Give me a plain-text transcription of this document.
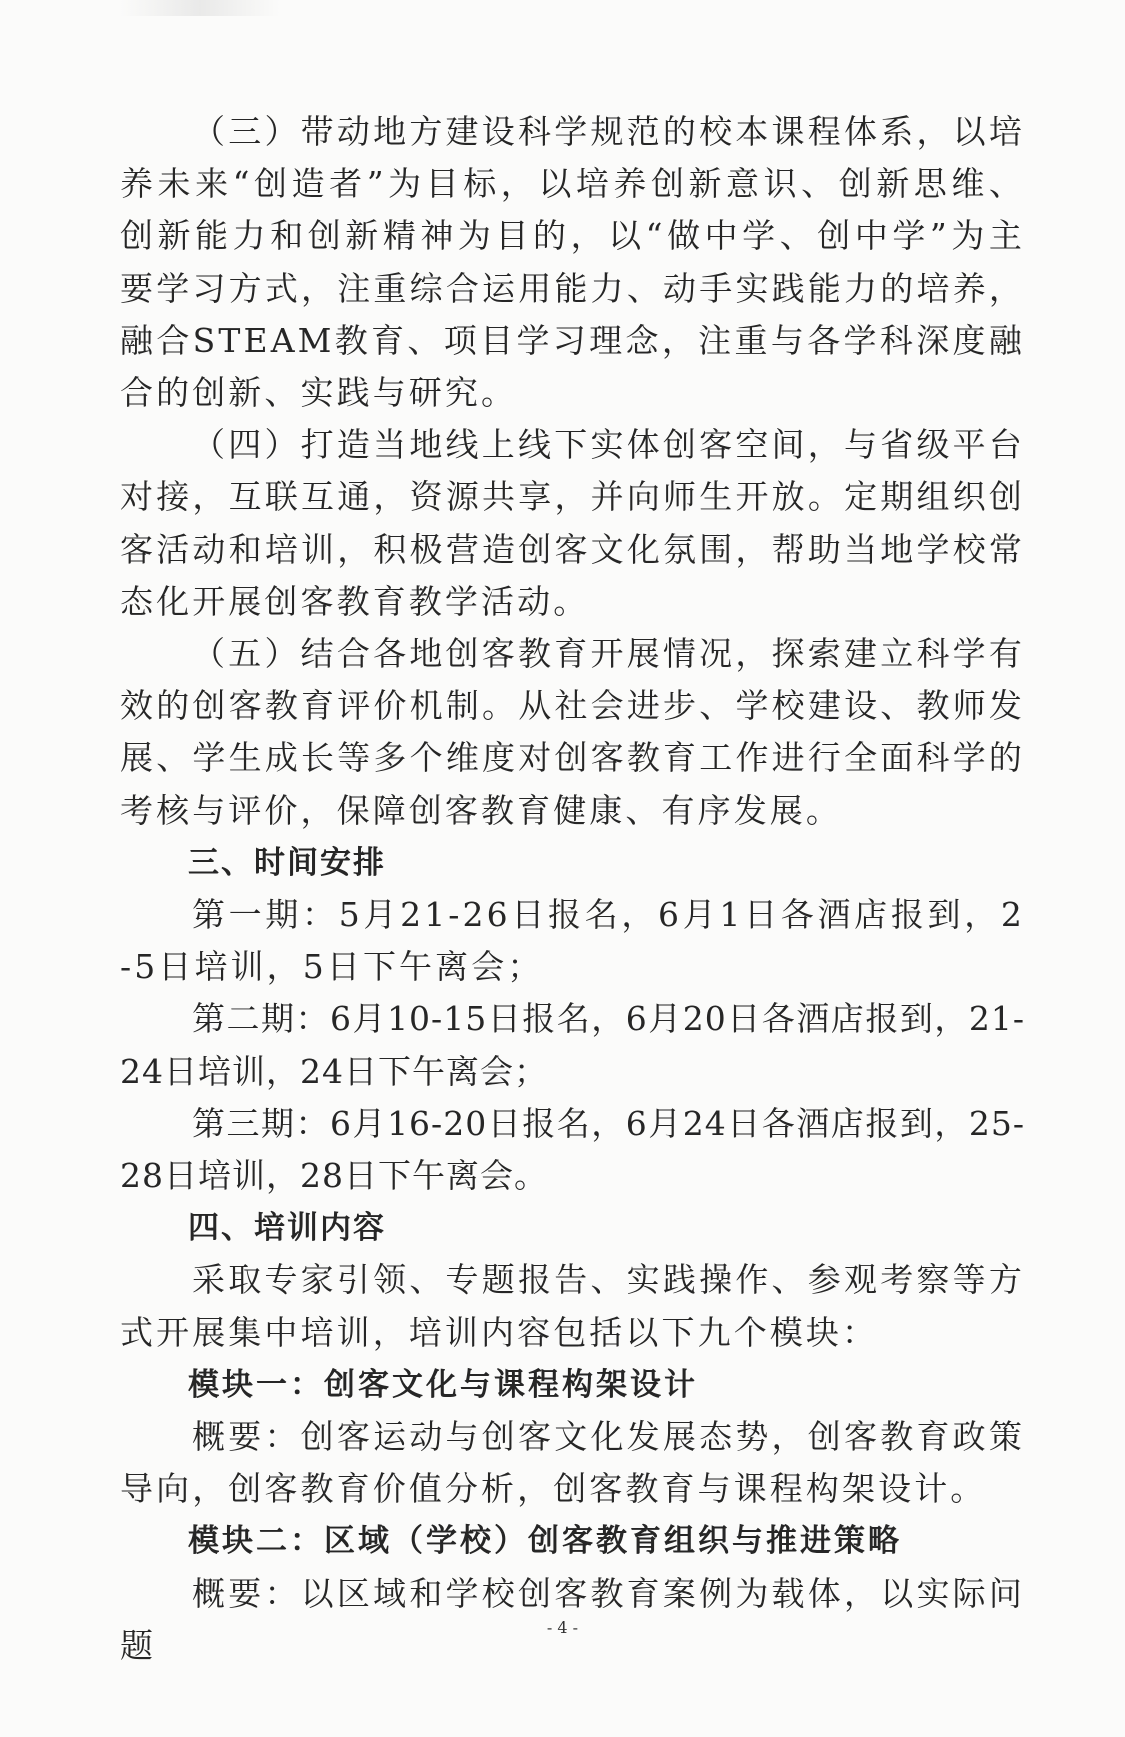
（三）带动地方建设科学规范的校本课程体系，以培养未来“创造者”为目标，以培养创新意识、创新思维、创新能力和创新精神为目的，以“做中学、创中学”为主要学习方式，注重综合运用能力、动手实践能力的培养，融合STEAM教育、项目学习理念，注重与各学科深度融合的创新、实践与研究。

（四）打造当地线上线下实体创客空间，与省级平台对接，互联互通，资源共享，并向师生开放。定期组织创客活动和培训，积极营造创客文化氛围，帮助当地学校常态化开展创客教育教学活动。

（五）结合各地创客教育开展情况，探索建立科学有效的创客教育评价机制。从社会进步、学校建设、教师发展、学生成长等多个维度对创客教育工作进行全面科学的考核与评价，保障创客教育健康、有序发展。

三、时间安排

第一期：5月21-26日报名，6月1日各酒店报到，2-5日培训，5日下午离会；

第二期：6月10-15日报名，6月20日各酒店报到，21-24日培训，24日下午离会；

第三期：6月16-20日报名，6月24日各酒店报到，25-28日培训，28日下午离会。

四、培训内容

采取专家引领、专题报告、实践操作、参观考察等方式开展集中培训，培训内容包括以下九个模块：

模块一：创客文化与课程构架设计

概要：创客运动与创客文化发展态势，创客教育政策导向，创客教育价值分析，创客教育与课程构架设计。

模块二：区域（学校）创客教育组织与推进策略

概要：以区域和学校创客教育案例为载体，以实际问题	- 4 -
